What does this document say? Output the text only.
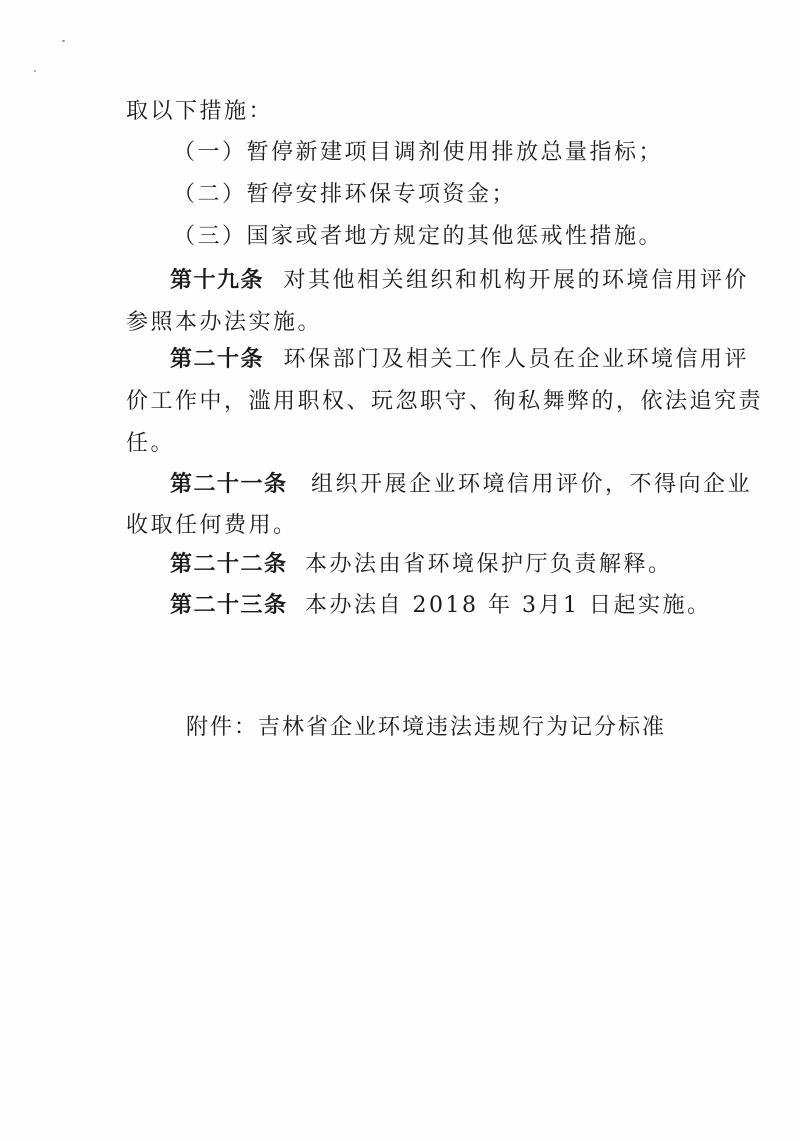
取以下措施：
（一）暂停新建项目调剂使用排放总量指标；
（二）暂停安排环保专项资金；
（三）国家或者地方规定的其他惩戒性措施。
第十九条 对其他相关组织和机构开展的环境信用评价
参照本办法实施。
第二十条 环保部门及相关工作人员在企业环境信用评
价工作中，滥用职权、玩忽职守、徇私舞弊的，依法追究责
任。
第二十一条 组织开展企业环境信用评价，不得向企业
收取任何费用。
第二十二条 本办法由省环境保护厅负责解释。
第二十三条 本办法自 2018 年 3月1 日起实施。
附件：吉林省企业环境违法违规行为记分标准
